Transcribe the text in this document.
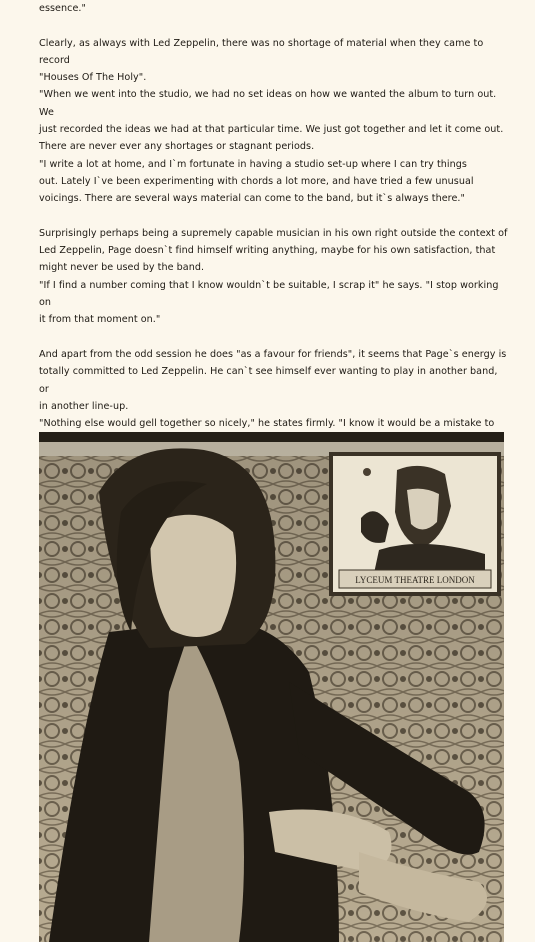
essence."

Clearly, as always with Led Zeppelin, there was no shortage of material when they came to record

"Houses Of The Holy".

"When we went into the studio, we had no set ideas on how we wanted the album to turn out. We

just recorded the ideas we had at that particular time. We just got together and let it come out.

There are never ever any shortages or stagnant periods.

"I write a lot at home, and I`m fortunate in having a studio set-up where I can try things

out. Lately I`ve been experimenting with chords a lot more, and have tried a few unusual

voicings. There are several ways material can come to the band, but it`s always there."

Surprisingly perhaps being a supremely capable musician in his own right outside the context of

Led Zeppelin, Page doesn`t find himself writing anything, maybe for his own satisfaction, that

might never be used by the band.

"If I find a number coming that I know wouldn`t be suitable, I scrap it" he says. "I stop working on

it from that moment on."

And apart from the odd session he does "as a favour for friends", it seems that Page`s energy is

totally committed to Led Zeppelin. He can`t see himself ever wanting to play in another band, or

in another line-up.

"Nothing else would gell together so nicely," he states firmly. "I know it would be a mistake to

LYCEUM THEATRE LONDON
